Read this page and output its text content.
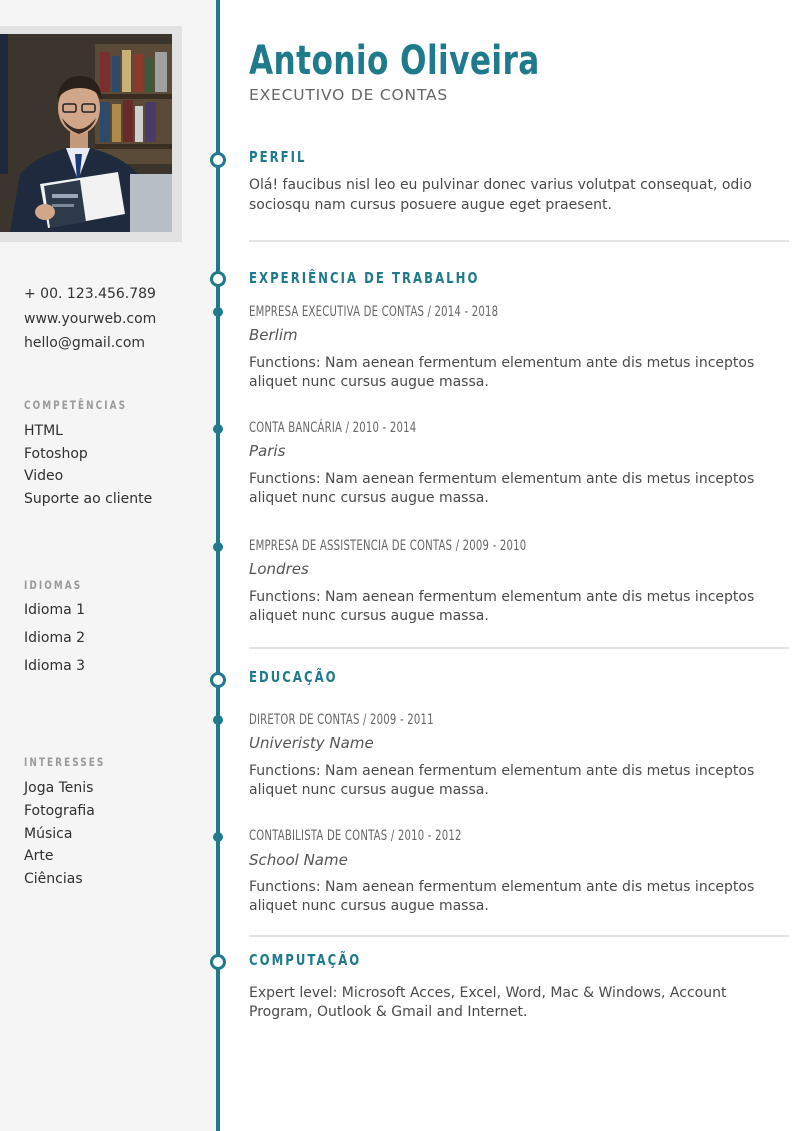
+ 00. 123.456.789
www.yourweb.com
hello@gmail.com
COMPETÊNCIAS
HTML
Fotoshop
Video
Suporte ao cliente
IDIOMAS
Idioma 1
Idioma 2
Idioma 3
INTERESSES
Joga Tenis
Fotografia
Música
Arte
Ciências
Antonio Oliveira
EXECUTIVO DE CONTAS
PERFIL
Olá! faucibus nisl leo eu pulvinar donec varius volutpat consequat, odio sociosqu nam cursus posuere augue eget praesent.
EXPERIÊNCIA DE TRABALHO
EMPRESA EXECUTIVA DE CONTAS / 2014 - 2018
Berlim
Functions: Nam aenean fermentum elementum ante dis metus inceptos aliquet nunc cursus augue massa.
CONTA BANCÁRIA / 2010 - 2014
Paris
Functions: Nam aenean fermentum elementum ante dis metus inceptos aliquet nunc cursus augue massa.
EMPRESA DE ASSISTENCIA DE CONTAS / 2009 - 2010
Londres
Functions: Nam aenean fermentum elementum ante dis metus inceptos aliquet nunc cursus augue massa.
EDUCAÇÃO
DIRETOR DE CONTAS / 2009 - 2011
Univeristy Name
Functions: Nam aenean fermentum elementum ante dis metus inceptos aliquet nunc cursus augue massa.
CONTABILISTA DE CONTAS / 2010 - 2012
School Name
Functions: Nam aenean fermentum elementum ante dis metus inceptos aliquet nunc cursus augue massa.
COMPUTAÇÃO
Expert level: Microsoft Acces, Excel, Word, Mac & Windows, Account Program, Outlook & Gmail and Internet.
